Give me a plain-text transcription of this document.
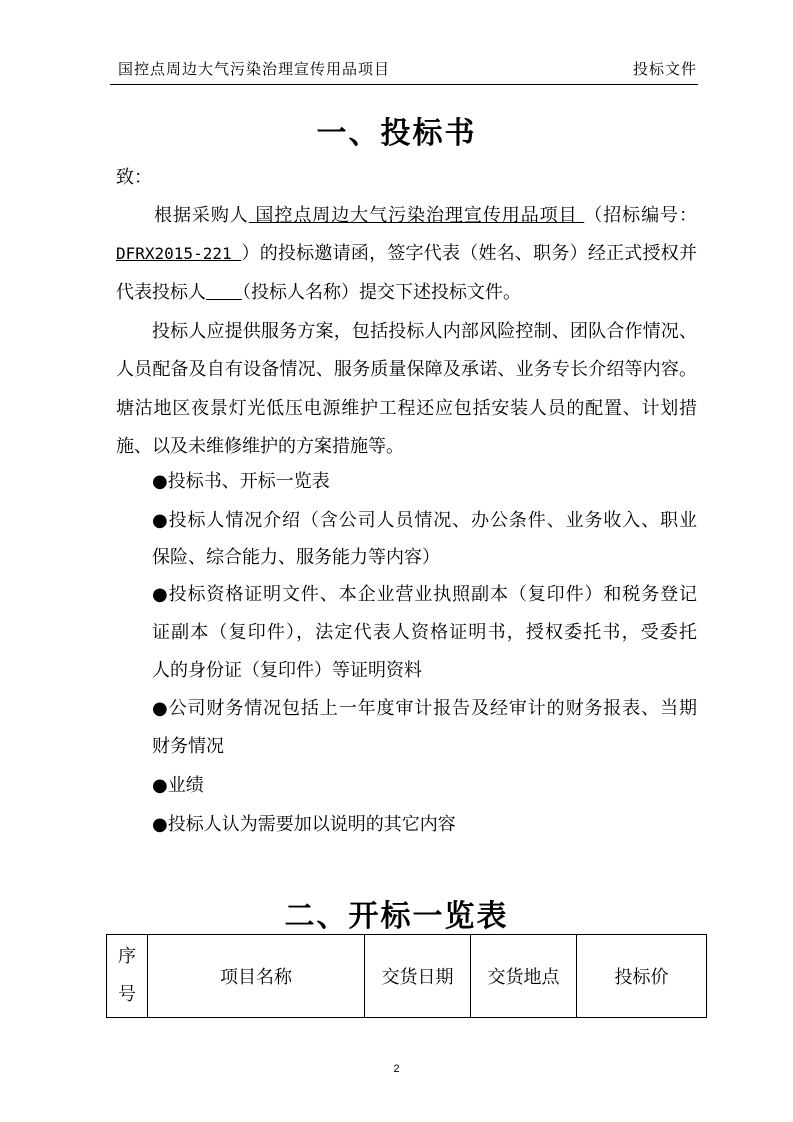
国控点周边大气污染治理宣传用品项目	投标文件
一、投标书
致：
根据采购人 国控点周边大气污染治理宣传用品项目 （招标编号：
DFRX2015-221 ）的投标邀请函，签字代表（姓名、职务）经正式授权并
代表投标人　　 （投标人名称）提交下述投标文件。
投标人应提供服务方案，包括投标人内部风险控制、团队合作情况、
人员配备及自有设备情况、服务质量保障及承诺、业务专长介绍等内容。
塘沽地区夜景灯光低压电源维护工程还应包括安装人员的配置、计划措
施、以及未维修维护的方案措施等。
●投标书、开标一览表
●投标人情况介绍（含公司人员情况、办公条件、业务收入、职业
保险、综合能力、服务能力等内容）
●投标资格证明文件、本企业营业执照副本（复印件）和税务登记
证副本（复印件），法定代表人资格证明书，授权委托书，受委托
人的身份证（复印件）等证明资料
●公司财务情况包括上一年度审计报告及经审计的财务报表、当期
财务情况
●业绩
●投标人认为需要加以说明的其它内容
二、开标一览表
序
号	项目名称	交货日期	交货地点	投标价
2
